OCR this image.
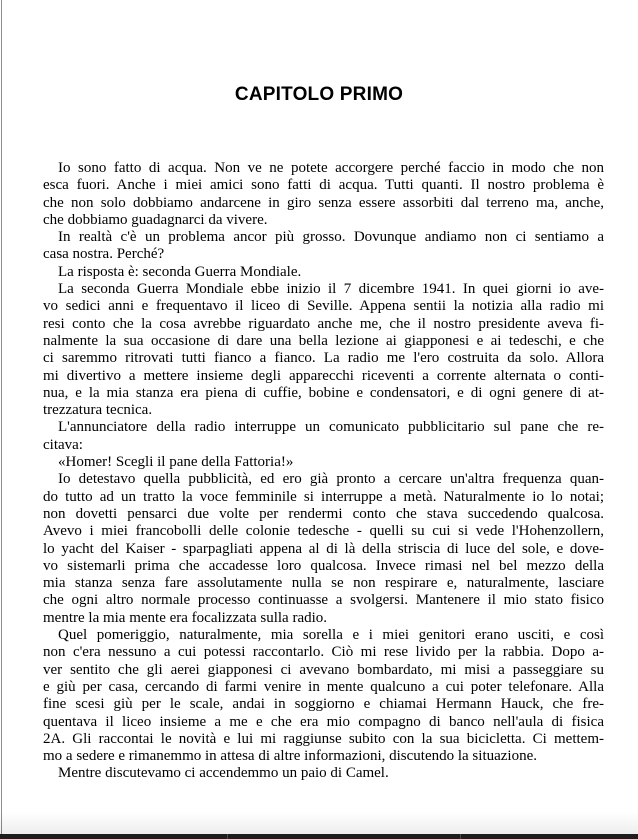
CAPITOLO PRIMO
Io sono fatto di acqua. Non ve ne potete accorgere perché faccio in modo che non
esca fuori. Anche i miei amici sono fatti di acqua. Tutti quanti. Il nostro problema è
che non solo dobbiamo andarcene in giro senza essere assorbiti dal terreno ma, anche,
che dobbiamo guadagnarci da vivere.
In realtà c'è un problema ancor più grosso. Dovunque andiamo non ci sentiamo a
casa nostra. Perché?
La risposta è: seconda Guerra Mondiale.
La seconda Guerra Mondiale ebbe inizio il 7 dicembre 1941. In quei giorni io ave-
vo sedici anni e frequentavo il liceo di Seville. Appena sentii la notizia alla radio mi
resi conto che la cosa avrebbe riguardato anche me, che il nostro presidente aveva fi-
nalmente la sua occasione di dare una bella lezione ai giapponesi e ai tedeschi, e che
ci saremmo ritrovati tutti fianco a fianco. La radio me l'ero costruita da solo. Allora
mi divertivo a mettere insieme degli apparecchi riceventi a corrente alternata o conti-
nua, e la mia stanza era piena di cuffie, bobine e condensatori, e di ogni genere di at-
trezzatura tecnica.
L'annunciatore della radio interruppe un comunicato pubblicitario sul pane che re-
citava:
«Homer! Scegli il pane della Fattoria!»
Io detestavo quella pubblicità, ed ero già pronto a cercare un'altra frequenza quan-
do tutto ad un tratto la voce femminile si interruppe a metà. Naturalmente io lo notai;
non dovetti pensarci due volte per rendermi conto che stava succedendo qualcosa.
Avevo i miei francobolli delle colonie tedesche - quelli su cui si vede l'Hohenzollern,
lo yacht del Kaiser - sparpagliati appena al di là della striscia di luce del sole, e dove-
vo sistemarli prima che accadesse loro qualcosa. Invece rimasi nel bel mezzo della
mia stanza senza fare assolutamente nulla se non respirare e, naturalmente, lasciare
che ogni altro normale processo continuasse a svolgersi. Mantenere il mio stato fisico
mentre la mia mente era focalizzata sulla radio.
Quel pomeriggio, naturalmente, mia sorella e i miei genitori erano usciti, e così
non c'era nessuno a cui potessi raccontarlo. Ciò mi rese livido per la rabbia. Dopo a-
ver sentito che gli aerei giapponesi ci avevano bombardato, mi misi a passeggiare su
e giù per casa, cercando di farmi venire in mente qualcuno a cui poter telefonare. Alla
fine scesi giù per le scale, andai in soggiorno e chiamai Hermann Hauck, che fre-
quentava il liceo insieme a me e che era mio compagno di banco nell'aula di fisica
2A. Gli raccontai le novità e lui mi raggiunse subito con la sua bicicletta. Ci mettem-
mo a sedere e rimanemmo in attesa di altre informazioni, discutendo la situazione.
Mentre discutevamo ci accendemmo un paio di Camel.
